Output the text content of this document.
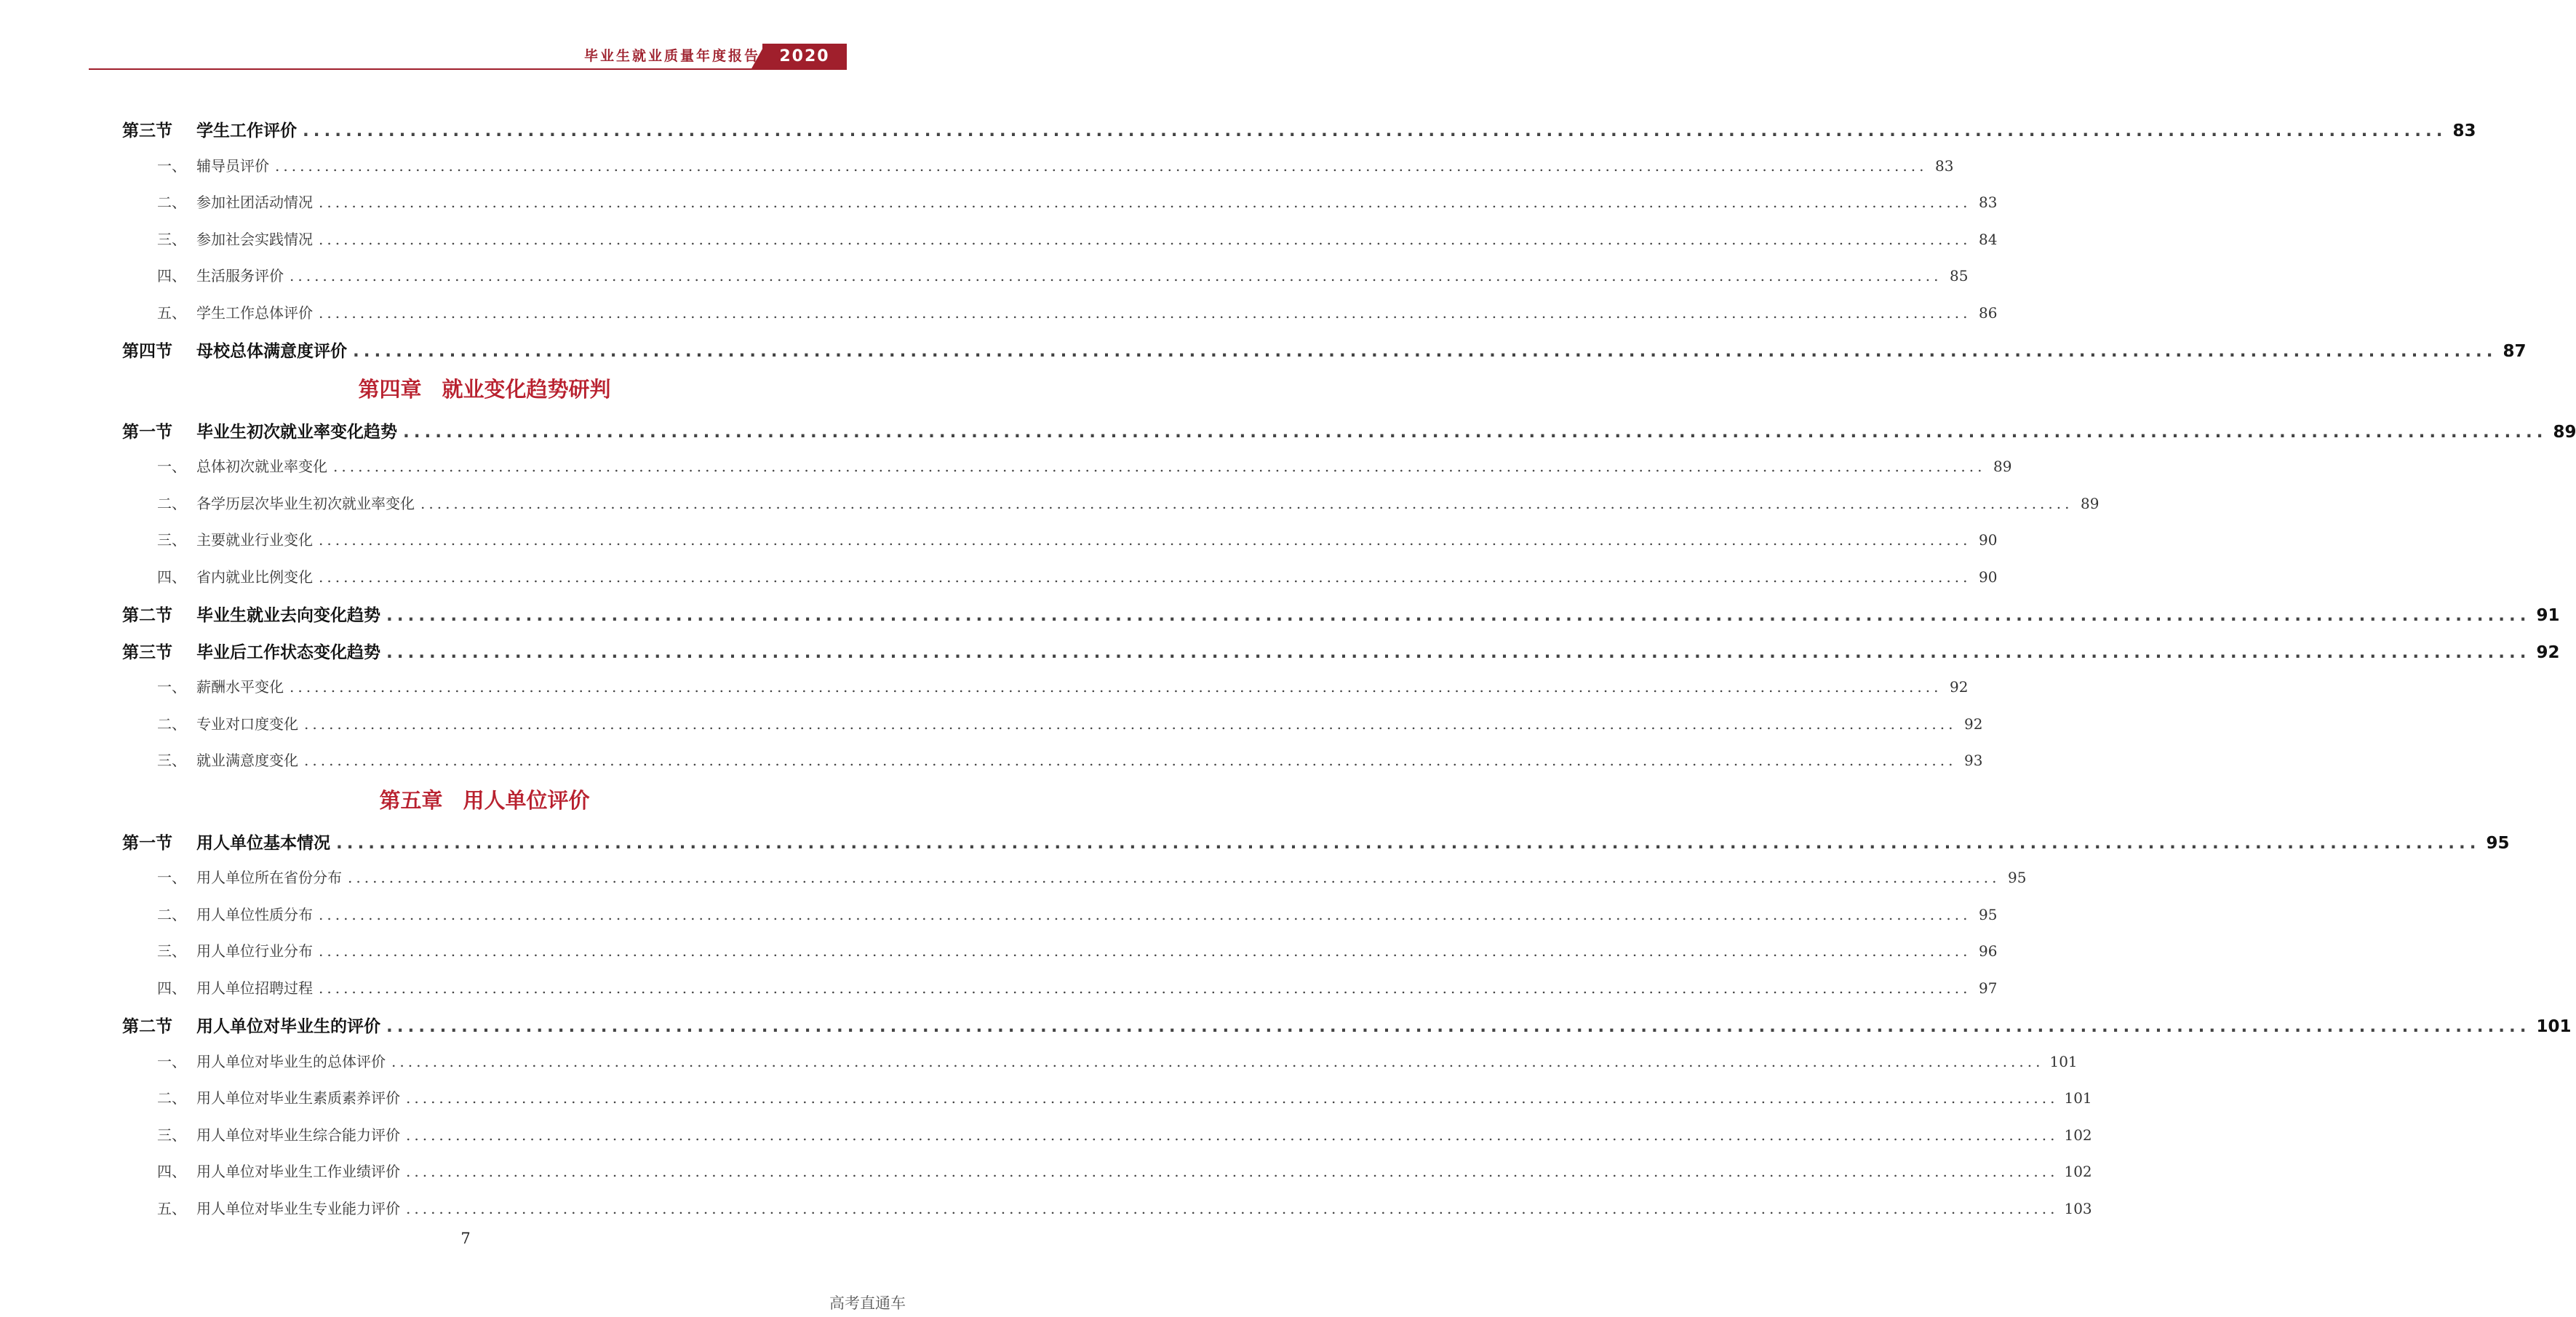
毕业生就业质量年度报告	2020
第三节	学生工作评价 ........................................................................................................................................................................................................ 83
一、 辅导员评价 ........................................................................................................................................................................................................ 83
二、 参加社团活动情况 ........................................................................................................................................................................................................ 83
三、 参加社会实践情况 ........................................................................................................................................................................................................ 84
四、 生活服务评价 ........................................................................................................................................................................................................ 85
五、 学生工作总体评价 ........................................................................................................................................................................................................ 86
第四节	母校总体满意度评价 ........................................................................................................................................................................................................ 87
第四章 就业变化趋势研判
第一节	毕业生初次就业率变化趋势 ........................................................................................................................................................................................................ 89
一、 总体初次就业率变化 ........................................................................................................................................................................................................ 89
二、 各学历层次毕业生初次就业率变化 ........................................................................................................................................................................................................ 89
三、 主要就业行业变化 ........................................................................................................................................................................................................ 90
四、 省内就业比例变化 ........................................................................................................................................................................................................ 90
第二节	毕业生就业去向变化趋势 ........................................................................................................................................................................................................ 91
第三节	毕业后工作状态变化趋势 ........................................................................................................................................................................................................ 92
一、 薪酬水平变化 ........................................................................................................................................................................................................ 92
二、 专业对口度变化 ........................................................................................................................................................................................................ 92
三、 就业满意度变化 ........................................................................................................................................................................................................ 93
第五章 用人单位评价
第一节	用人单位基本情况 ........................................................................................................................................................................................................ 95
一、 用人单位所在省份分布 ........................................................................................................................................................................................................ 95
二、 用人单位性质分布 ........................................................................................................................................................................................................ 95
三、 用人单位行业分布 ........................................................................................................................................................................................................ 96
四、 用人单位招聘过程 ........................................................................................................................................................................................................ 97
第二节	用人单位对毕业生的评价 ........................................................................................................................................................................................................ 101
一、 用人单位对毕业生的总体评价 ........................................................................................................................................................................................................ 101
二、 用人单位对毕业生素质素养评价 ........................................................................................................................................................................................................ 101
三、 用人单位对毕业生综合能力评价 ........................................................................................................................................................................................................ 102
四、 用人单位对毕业生工作业绩评价 ........................................................................................................................................................................................................ 102
五、 用人单位对毕业生专业能力评价 ........................................................................................................................................................................................................ 103
7
高考直通车
